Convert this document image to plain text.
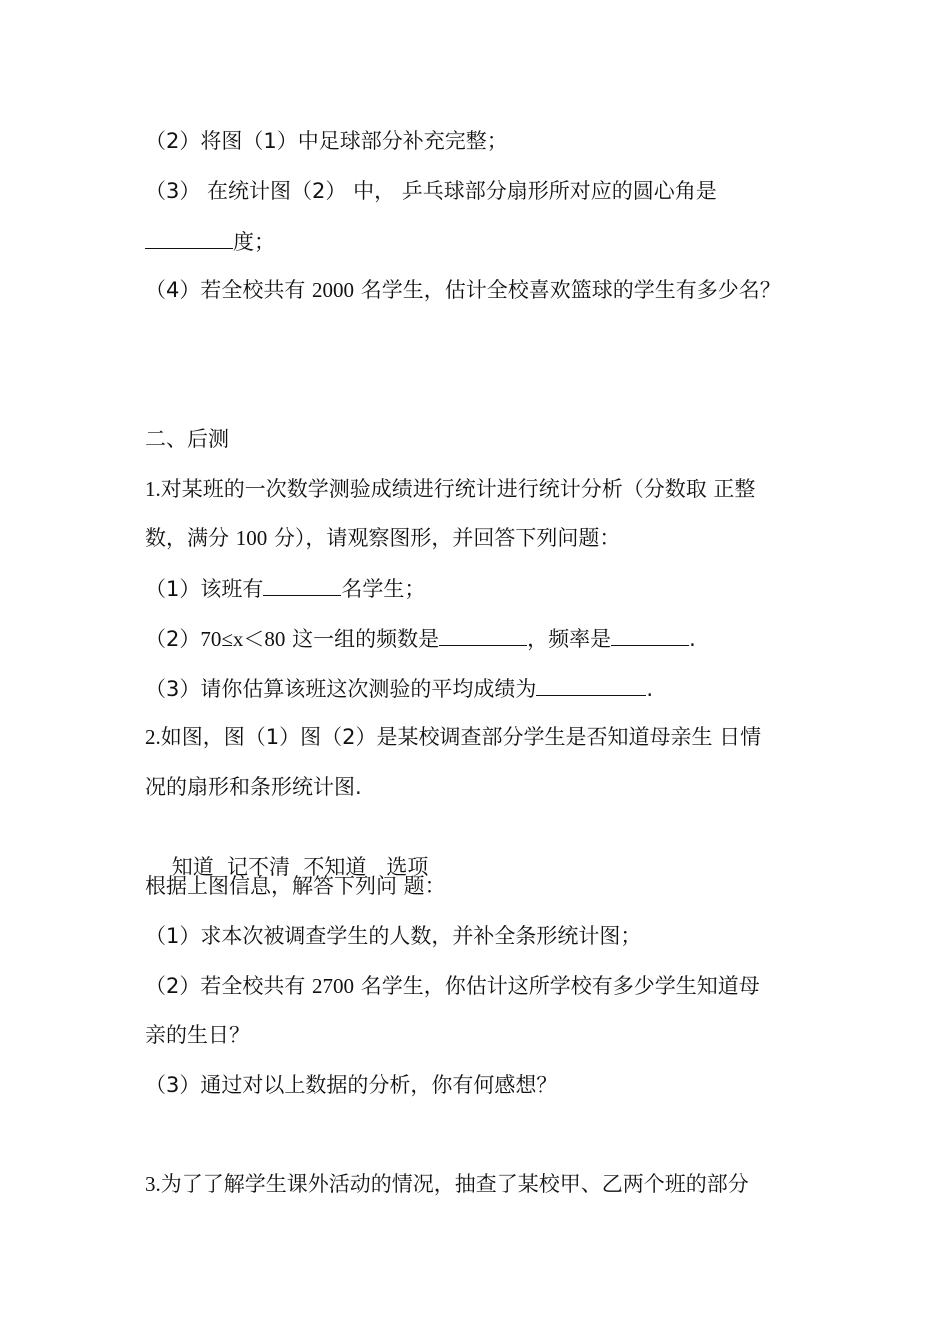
（2）将图（1）中足球部分补充完整；
（3） 在统计图（2） 中， 乒乓球部分扇形所对应的圆心角是
度；
（4）若全校共有 2000 名学生，估计全校喜欢篮球的学生有多少名？
二、后测
1.对某班的一次数学测验成绩进行统计进行统计分析（分数取 正整
数，满分 100 分），请观察图形，并回答下列问题：
（1）该班有	名学生；
（2）70≤x＜80 这一组的频数是	，频率是	.
（3）请你估算该班这次测验的平均成绩为	.
2.如图，图（1）图（2）是某校调查部分学生是否知道母亲生 日情
况的扇形和条形统计图.

知道  记不清  不知道   选项

根据上图信息，解答下列问 题：
（1）求本次被调查学生的人数，并补全条形统计图；
（2）若全校共有 2700 名学生，你估计这所学校有多少学生知道母
亲的生日？
（3）通过对以上数据的分析，你有何感想？
3.为了了解学生课外活动的情况，抽查了某校甲、乙两个班的部分
